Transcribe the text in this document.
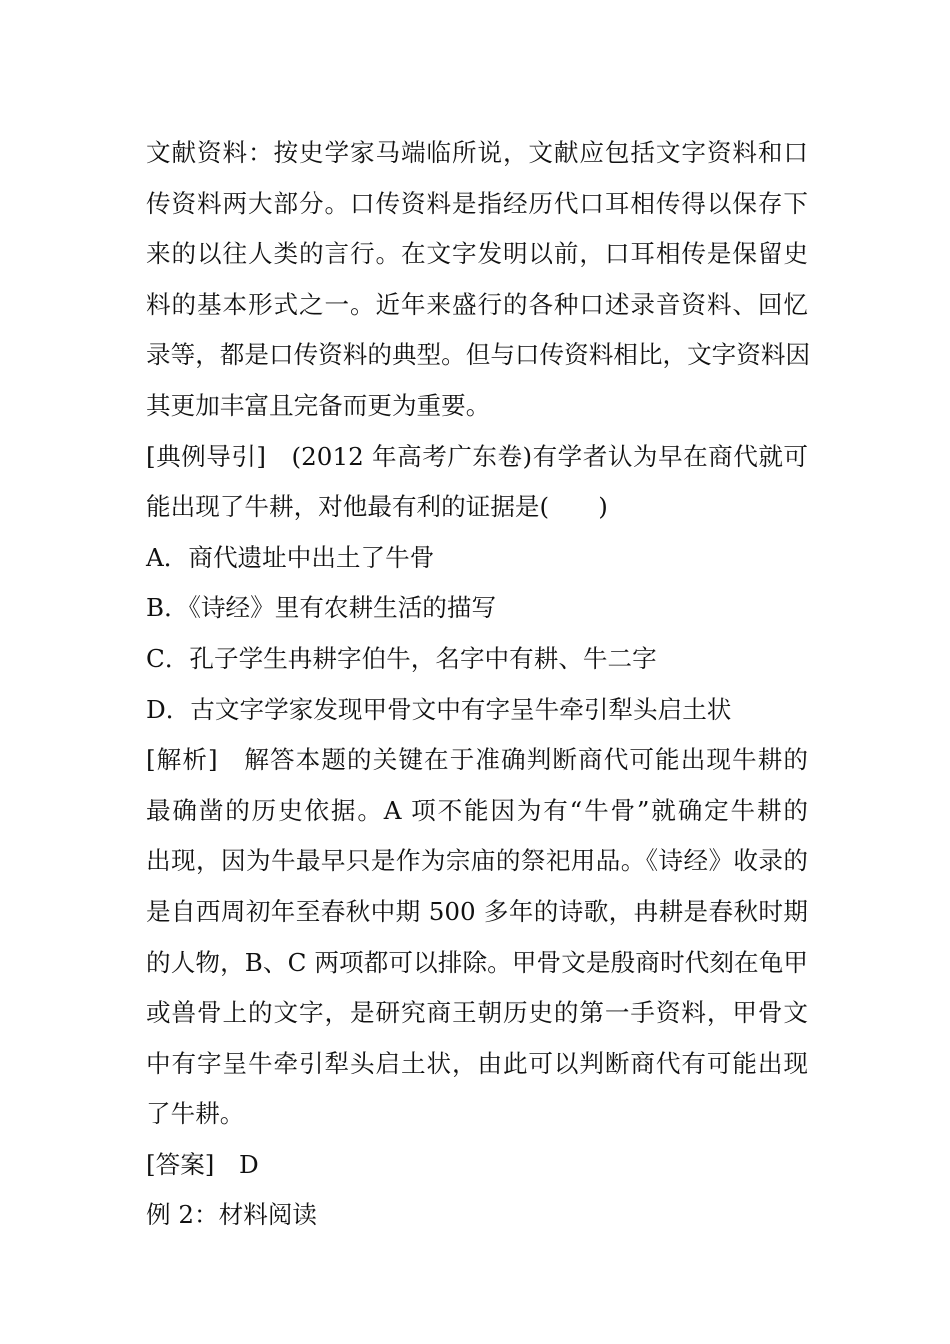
文献资料：按史学家马端临所说，文献应包括文字资料和口
传资料两大部分。口传资料是指经历代口耳相传得以保存下
来的以往人类的言行。在文字发明以前，口耳相传是保留史
料的基本形式之一。近年来盛行的各种口述录音资料、回忆
录等，都是口传资料的典型。但与口传资料相比，文字资料因
其更加丰富且完备而更为重要。
[典例导引]　(2012 年高考广东卷)有学者认为早在商代就可
能出现了牛耕，对他最有利的证据是(　　)
A．商代遗址中出土了牛骨
B．《诗经》里有农耕生活的描写
C．孔子学生冉耕字伯牛，名字中有耕、牛二字
D．古文字学家发现甲骨文中有字呈牛牵引犁头启土状
[解析]　解答本题的关键在于准确判断商代可能出现牛耕的
最确凿的历史依据。A 项不能因为有“牛骨”就确定牛耕的
出现，因为牛最早只是作为宗庙的祭祀用品。《诗经》收录的
是自西周初年至春秋中期 500 多年的诗歌，冉耕是春秋时期
的人物，B、C 两项都可以排除。甲骨文是殷商时代刻在龟甲
或兽骨上的文字，是研究商王朝历史的第一手资料，甲骨文
中有字呈牛牵引犁头启土状，由此可以判断商代有可能出现
了牛耕。
[答案]　D
例 2：材料阅读
